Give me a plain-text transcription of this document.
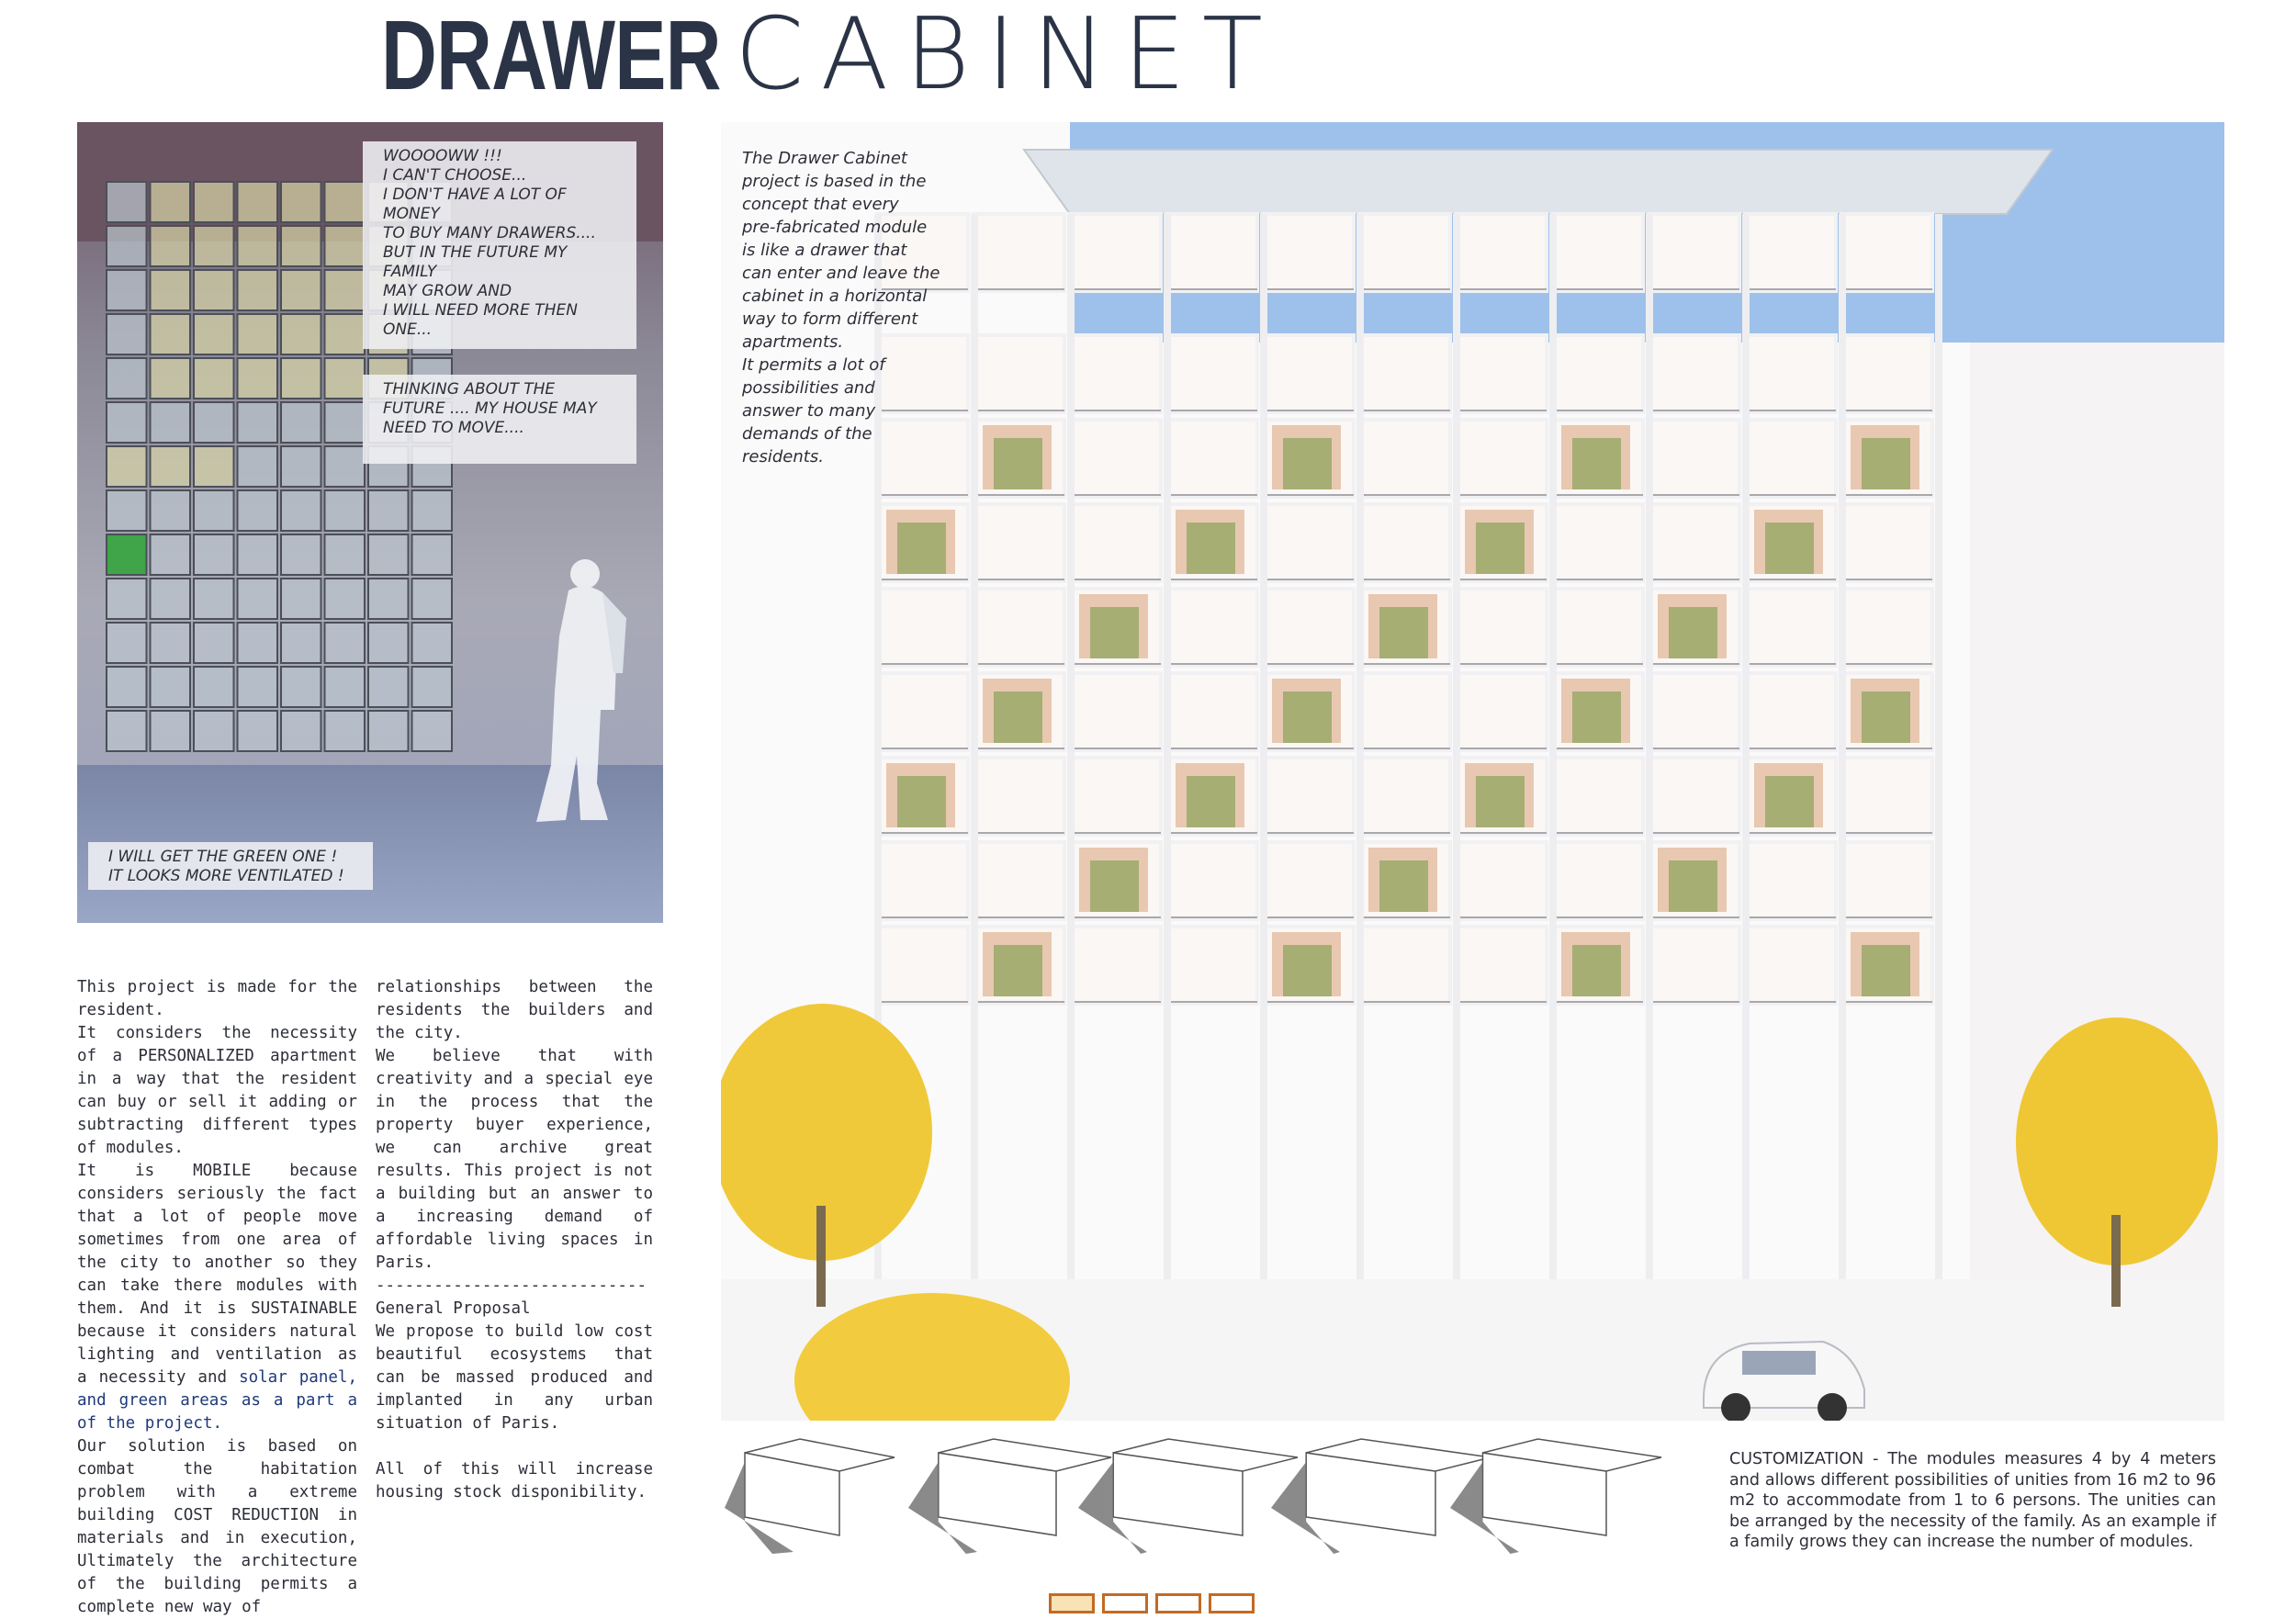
DRAWER CABINET
WOOOOWW !!!
I CAN'T CHOOSE...
I DON'T HAVE A LOT OF
MONEY
TO BUY MANY DRAWERS....
BUT IN THE FUTURE MY
FAMILY
MAY GROW AND
I WILL NEED MORE THEN
ONE...
THINKING ABOUT THE
FUTURE .... MY HOUSE MAY
NEED TO MOVE....
I WILL GET THE GREEN ONE !
IT LOOKS MORE VENTILATED !
The Drawer Cabinet
project is based in the
concept that every
pre-fabricated module
is like a drawer that
can enter and leave the
cabinet in a horizontal
way to form different
apartments.
It permits a lot of
possibilities and
answer to many
demands of the
residents.
This project is made for the resident.
It considers the necessity of a PERSONALIZED apartment in a way that the resident can buy or sell it adding or subtracting different types of modules.
It is MOBILE because considers seriously the fact that a lot of people move sometimes from one area of the city to another so they can take there modules with them. And it is SUSTAINABLE because it considers natural lighting and ventilation as a necessity and solar panel, and green areas as a part a of the project.
Our solution is based on combat the habitation problem with a extreme building COST REDUCTION in materials and in execution, Ultimately the architecture of the building permits a complete new way of
relationships between the residents the builders and the city.
We believe that with creativity and a special eye in the process that the property buyer experience, we can archive great results. This project is not a building but an answer to a increasing demand of affordable living spaces in Paris.
----------------------------
General Proposal
We propose to build low cost beautiful ecosystems that can be massed produced and implanted in any urban situation of Paris.

All of this will increase housing stock disponibility.
CUSTOMIZATION - The modules measures 4 by 4 meters and allows different possibilities of unities from 16 m2 to 96 m2 to accommodate from 1 to 6 persons. The unities can be arranged by the necessity of the family. As an example if a family grows they can increase the number of modules.
